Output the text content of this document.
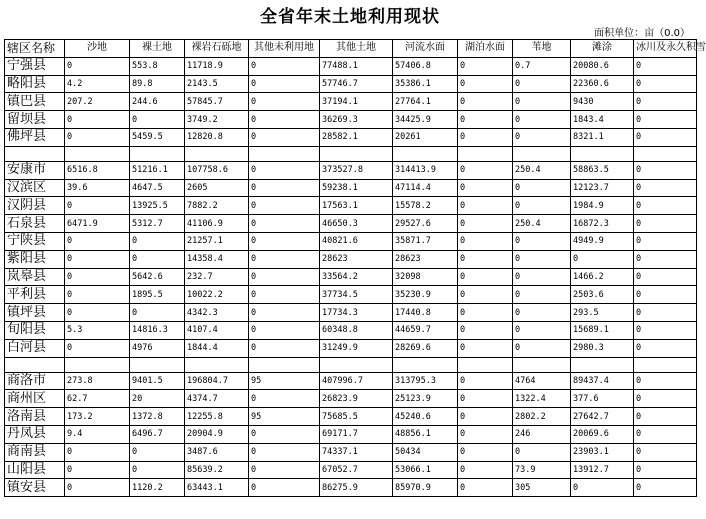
全省年末土地利用现状
面积单位：亩（0.0）
辖区名称	沙地	裸土地	裸岩石砾地	其他未利用地	其他土地	河流水面	湖泊水面	苇地	滩涂	冰川及永久积雪
宁强县	0	553.8	11718.9	0	77488.1	57406.8	0	0.7	20080.6	0
略阳县	4.2	89.8	2143.5	0	57746.7	35386.1	0	0	22360.6	0
镇巴县	207.2	244.6	57845.7	0	37194.1	27764.1	0	0	9430	0
留坝县	0	0	3749.2	0	36269.3	34425.9	0	0	1843.4	0
佛坪县	0	5459.5	12820.8	0	28582.1	20261	0	0	8321.1	0

安康市	6516.8	51216.1	107758.6	0	373527.8	314413.9	0	250.4	58863.5	0
汉滨区	39.6	4647.5	2605	0	59238.1	47114.4	0	0	12123.7	0
汉阴县	0	13925.5	7882.2	0	17563.1	15578.2	0	0	1984.9	0
石泉县	6471.9	5312.7	41106.9	0	46650.3	29527.6	0	250.4	16872.3	0
宁陕县	0	0	21257.1	0	40821.6	35871.7	0	0	4949.9	0
紫阳县	0	0	14358.4	0	28623	28623	0	0	0	0
岚皋县	0	5642.6	232.7	0	33564.2	32098	0	0	1466.2	0
平利县	0	1895.5	10022.2	0	37734.5	35230.9	0	0	2503.6	0
镇坪县	0	0	4342.3	0	17734.3	17440.8	0	0	293.5	0
旬阳县	5.3	14816.3	4107.4	0	60348.8	44659.7	0	0	15689.1	0
白河县	0	4976	1844.4	0	31249.9	28269.6	0	0	2980.3	0

商洛市	273.8	9401.5	196804.7	95	407996.7	313795.3	0	4764	89437.4	0
商州区	62.7	20	4374.7	0	26823.9	25123.9	0	1322.4	377.6	0
洛南县	173.2	1372.8	12255.8	95	75685.5	45240.6	0	2802.2	27642.7	0
丹凤县	9.4	6496.7	20904.9	0	69171.7	48856.1	0	246	20069.6	0
商南县	0	0	3487.6	0	74337.1	50434	0	0	23903.1	0
山阳县	0	0	85639.2	0	67052.7	53066.1	0	73.9	13912.7	0
镇安县	0	1120.2	63443.1	0	86275.9	85970.9	0	305	0	0
